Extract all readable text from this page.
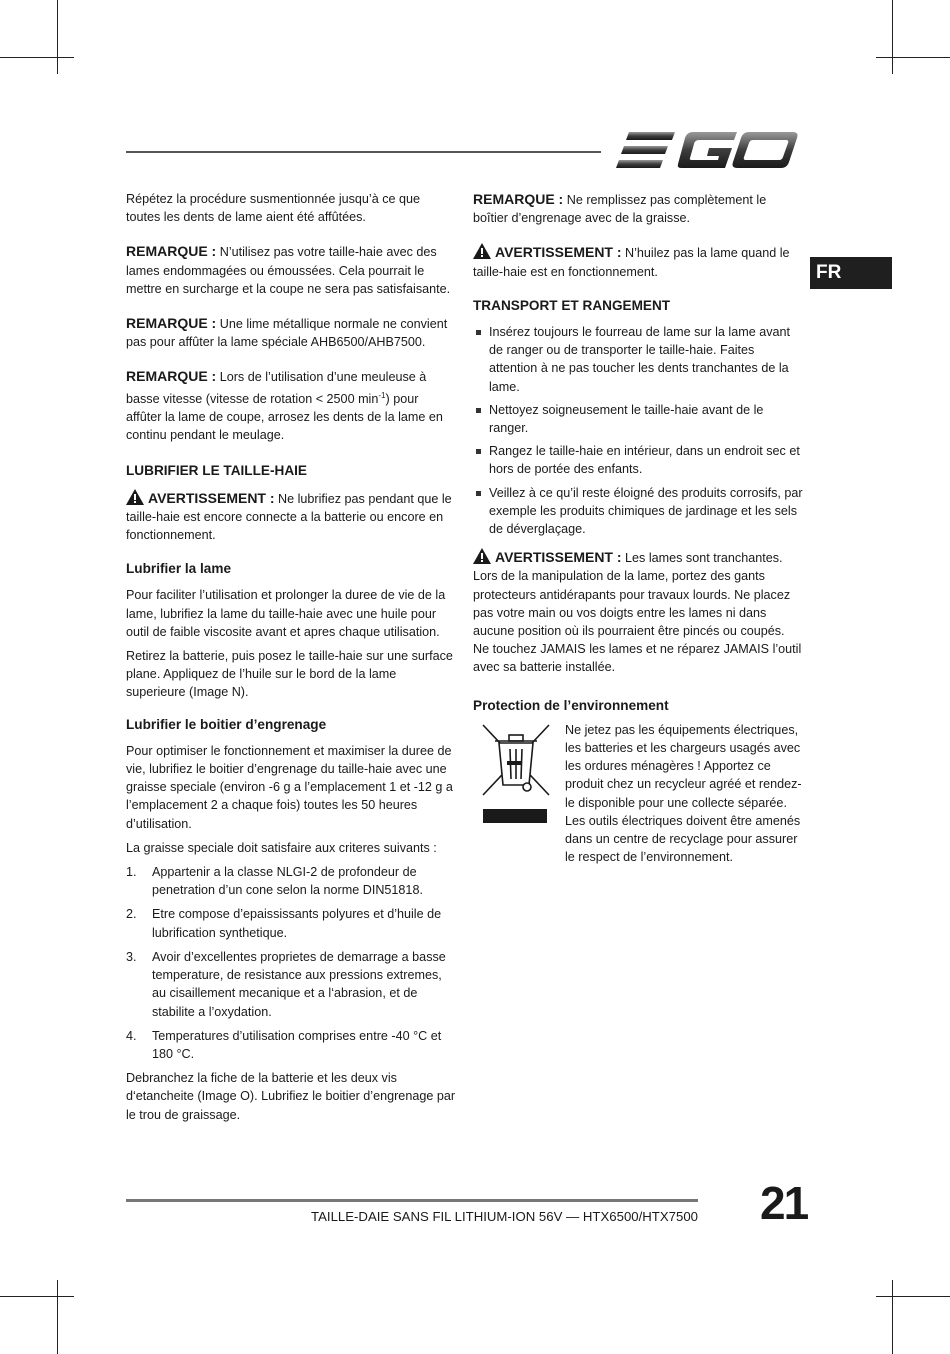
FR

Répétez la procédure susmentionnée jusqu’à ce que toutes les dents de lame aient été affûtées.

REMARQUE : N’utilisez pas votre taille-haie avec des lames endommagées ou émoussées. Cela pourrait le mettre en surcharge et la coupe ne sera pas satisfaisante.

REMARQUE : Une lime métallique normale ne convient pas pour affûter la lame spéciale AHB6500/AHB7500.

REMARQUE : Lors de l’utilisation d’une meuleuse à basse vitesse (vitesse de rotation < 2500 $\min^{-1}$) pour affûter la lame de coupe, arrosez les dents de la lame en continu pendant le meulage.

LUBRIFIER LE TAILLE-HAIE

AVERTISSEMENT : Ne lubrifiez pas pendant que le taille-haie est encore connecte a la batterie ou encore en fonctionnement.

Lubrifier la lame

Pour faciliter l’utilisation et prolonger la duree de vie de la lame, lubrifiez la lame du taille-haie avec une huile pour outil de faible viscosite avant et apres chaque utilisation.

Retirez la batterie, puis posez le taille-haie sur une surface plane. Appliquez de l’huile sur le bord de la lame superieure (Image N).

Lubrifier le boitier d’engrenage

Pour optimiser le fonctionnement et maximiser la duree de vie, lubrifiez le boitier d’engrenage du taille-haie avec une graisse speciale (environ -6 g a l’emplacement 1 et -12 g a l’emplacement 2 a chaque fois) toutes les 50 heures d’utilisation.

La graisse speciale doit satisfaire aux criteres suivants :

1. Appartenir a la classe NLGI-2 de profondeur de penetration d’un cone selon la norme DIN51818.
2. Etre compose d’epaississants polyures et d’huile de lubrification synthetique.
3. Avoir d’excellentes proprietes de demarrage a basse temperature, de resistance aux pressions extremes, au cisaillement mecanique et a l‘abrasion, et de stabilite a l’oxydation.
4. Temperatures d’utilisation comprises entre -40 °C et 180 °C.

Debranchez la fiche de la batterie et les deux vis d‘etancheite (Image O). Lubrifiez le boitier d’engrenage par le trou de graissage.

REMARQUE : Ne remplissez pas complètement le boîtier d’engrenage avec de la graisse.

AVERTISSEMENT : N’huilez pas la lame quand le taille-haie est en fonctionnement.

TRANSPORT ET RANGEMENT
Insérez toujours le fourreau de lame sur la lame avant de ranger ou de transporter le taille-haie. Faites attention à ne pas toucher les dents tranchantes de la lame.
Nettoyez soigneusement le taille-haie avant de le ranger.
Rangez le taille-haie en intérieur, dans un endroit sec et hors de portée des enfants.
Veillez à ce qu’il reste éloigné des produits corrosifs, par exemple les produits chimiques de jardinage et les sels de déverglaçage.

AVERTISSEMENT : Les lames sont tranchantes. Lors de la manipulation de la lame, portez des gants protecteurs antidérapants pour travaux lourds. Ne placez pas votre main ou vos doigts entre les lames ni dans aucune position où ils pourraient être pincés ou coupés. Ne touchez JAMAIS les lames et ne réparez JAMAIS l’outil avec sa batterie installée.

Protection de l’environnement
Ne jetez pas les équipements électriques, les batteries et les chargeurs usagés avec les ordures ménagères ! Apportez ce produit chez un recycleur agréé et rendez-le disponible pour une collecte séparée. Les outils électriques doivent être amenés dans un centre de recyclage pour assurer le respect de l’environnement.
TAILLE-DAIE SANS FIL LITHIUM-ION 56V — HTX6500/HTX7500 21
